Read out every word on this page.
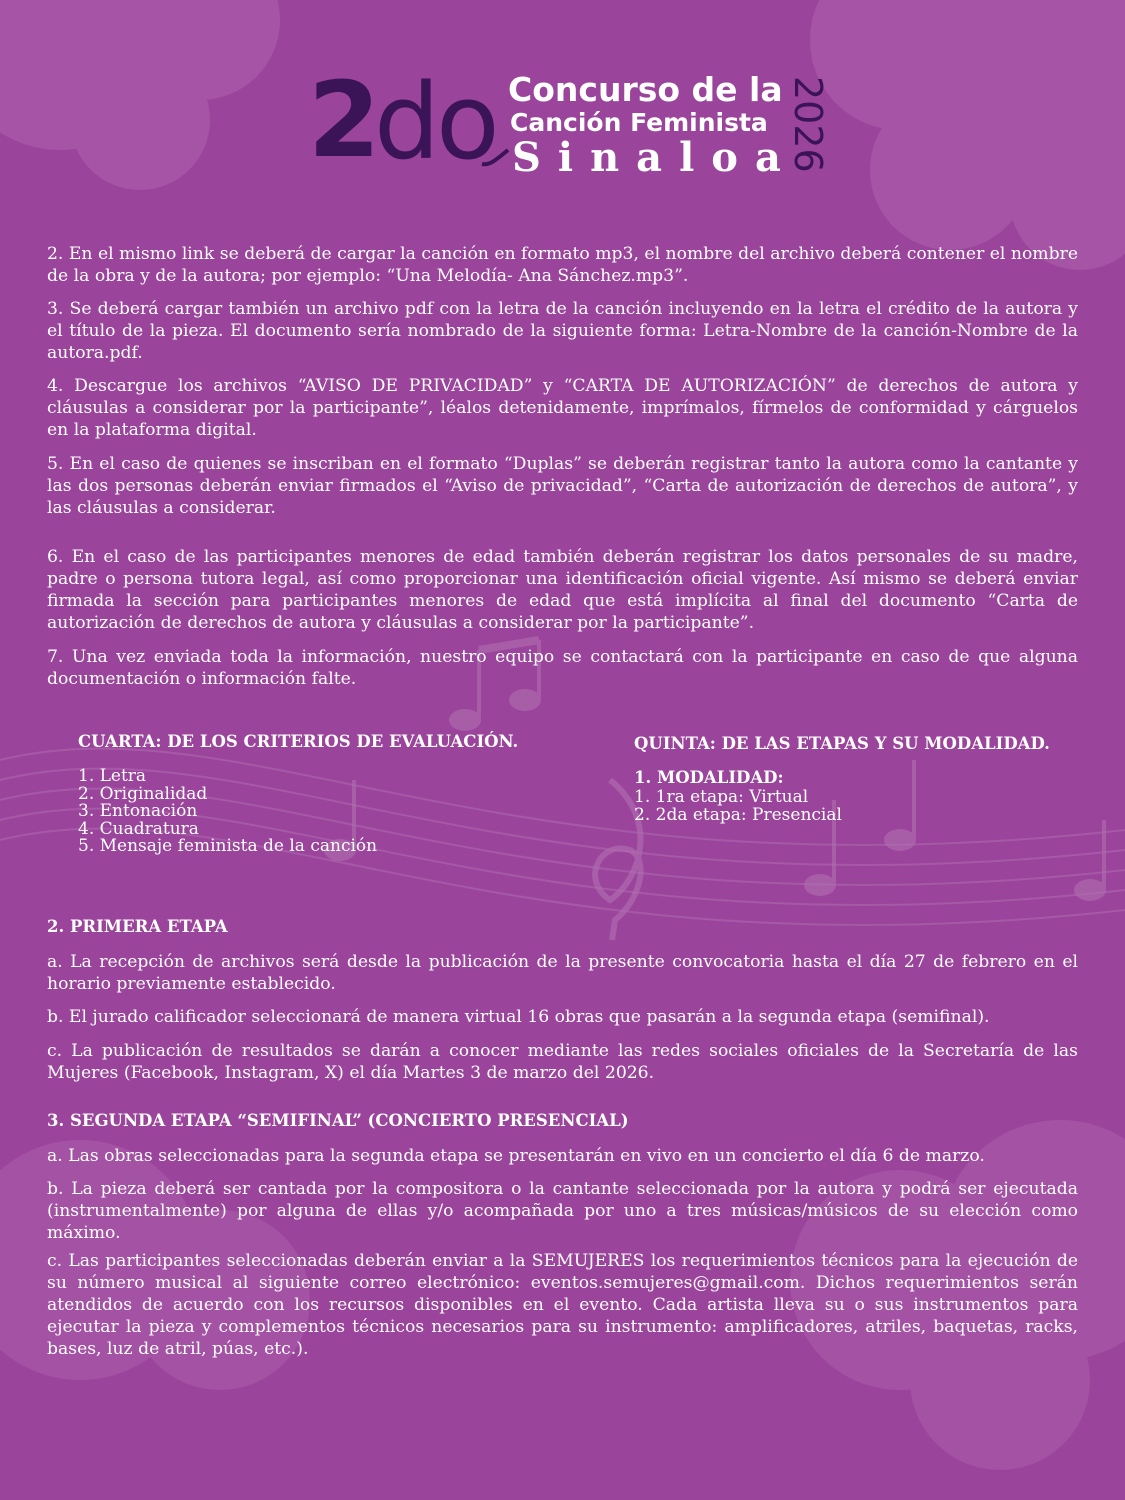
2 do Concurso de la
Canción Feminista
Sinaloa
2026

2. En el mismo link se deberá de cargar la canción en formato mp3, el nombre del archivo deberá contener el nombre de la obra y de la autora; por ejemplo: “Una Melodía- Ana Sánchez.mp3”.

3. Se deberá cargar también un archivo pdf con la letra de la canción incluyendo en la letra el crédito de la autora y el título de la pieza. El documento sería nombrado de la siguiente forma: Letra-Nombre de la canción-Nombre de la autora.pdf.

4. Descargue los archivos “AVISO DE PRIVACIDAD” y “CARTA DE AUTORIZACIÓN” de derechos de autora y cláusulas a considerar por la participante”, léalos detenidamente, imprímalos, fírmelos de conformidad y cárguelos en la plataforma digital.

5. En el caso de quienes se inscriban en el formato “Duplas” se deberán registrar tanto la autora como la cantante y las dos personas deberán enviar firmados el “Aviso de privacidad”, “Carta de autorización de derechos de autora”, y las cláusulas a considerar.

6. En el caso de las participantes menores de edad también deberán registrar los datos personales de su madre, padre o persona tutora legal, así como proporcionar una identificación oficial vigente. Así mismo se deberá enviar firmada la sección para participantes menores de edad que está implícita al final del documento “Carta de autorización de derechos de autora y cláusulas a considerar por la participante”.

7. Una vez enviada toda la información, nuestro equipo se contactará con la participante en caso de que alguna documentación o información falte.

CUARTA: DE LOS CRITERIOS DE EVALUACIÓN.
1. Letra
2. Originalidad
3. Entonación
4. Cuadratura
5. Mensaje feminista de la canción
QUINTA: DE LAS ETAPAS Y SU MODALIDAD.
1. MODALIDAD:
1. 1ra etapa: Virtual
2. 2da etapa: Presencial
2. PRIMERA ETAPA

a. La recepción de archivos será desde la publicación de la presente convocatoria hasta el día 27 de febrero en el horario previamente establecido.

b. El jurado calificador seleccionará de manera virtual 16 obras que pasarán a la segunda etapa (semifinal).

c. La publicación de resultados se darán a conocer mediante las redes sociales oficiales de la Secretaría de las Mujeres (Facebook, Instagram, X) el día Martes 3 de marzo del 2026.

3. SEGUNDA ETAPA “SEMIFINAL” (CONCIERTO PRESENCIAL)

a. Las obras seleccionadas para la segunda etapa se presentarán en vivo en un concierto el día 6 de marzo.

b. La pieza deberá ser cantada por la compositora o la cantante seleccionada por la autora y podrá ser ejecutada (instrumentalmente) por alguna de ellas y/o acompañada por uno a tres músicas/músicos de su elección como máximo.

c. Las participantes seleccionadas deberán enviar a la SEMUJERES los requerimientos técnicos para la ejecución de su número musical al siguiente correo electrónico: eventos.semujeres@gmail.com. Dichos requerimientos serán atendidos de acuerdo con los recursos disponibles en el evento. Cada artista lleva su o sus instrumentos para ejecutar la pieza y complementos técnicos necesarios para su instrumento: amplificadores, atriles, baquetas, racks, bases, luz de atril, púas, etc.).
